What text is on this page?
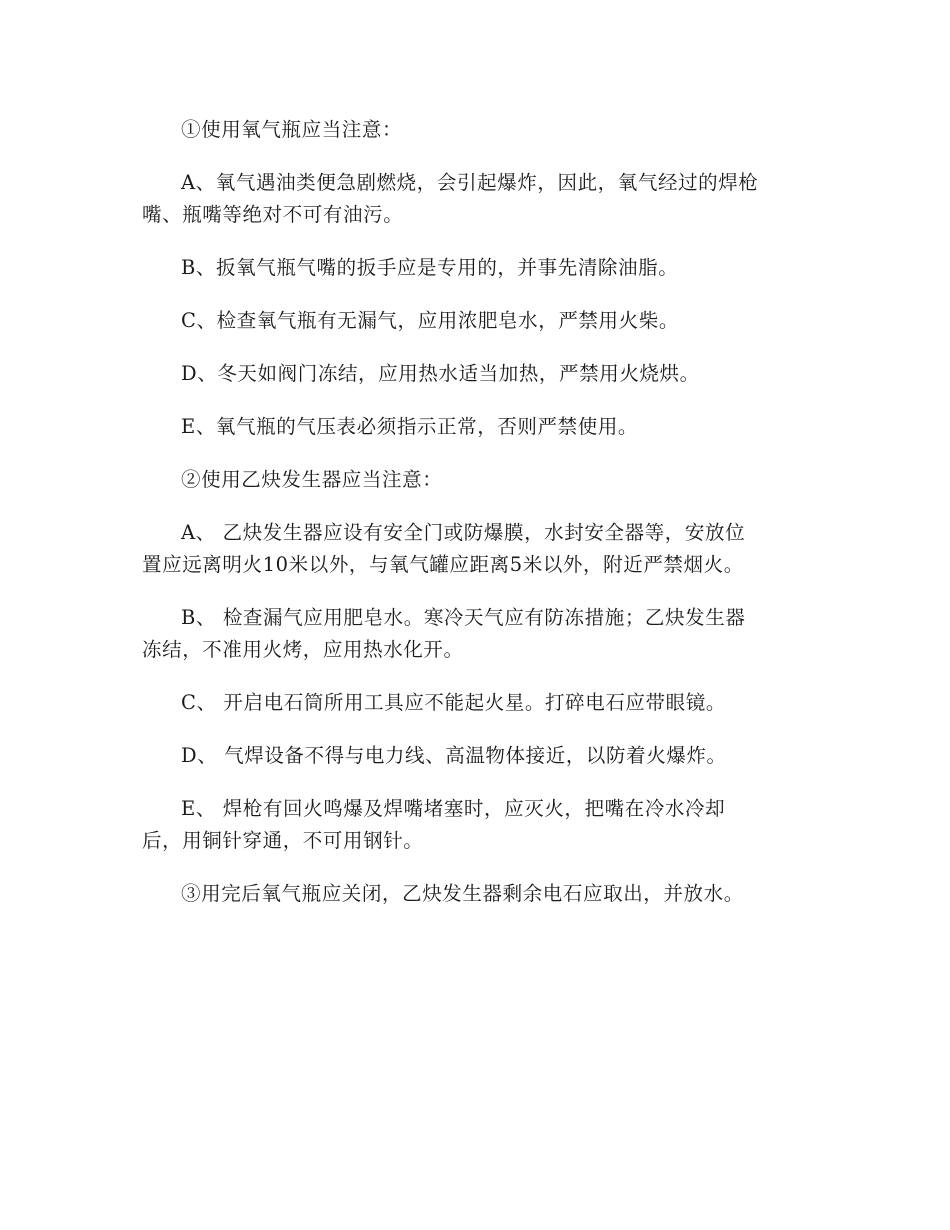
①使用氧气瓶应当注意：

A、氧气遇油类便急剧燃烧，会引起爆炸，因此，氧气经过的焊枪
嘴、瓶嘴等绝对不可有油污。

B、扳氧气瓶气嘴的扳手应是专用的，并事先清除油脂。

C、检查氧气瓶有无漏气，应用浓肥皂水，严禁用火柴。

D、冬天如阀门冻结，应用热水适当加热，严禁用火烧烘。

E、氧气瓶的气压表必须指示正常，否则严禁使用。

②使用乙炔发生器应当注意：

A、 乙炔发生器应设有安全门或防爆膜，水封安全器等，安放位
置应远离明火10米以外，与氧气罐应距离5米以外，附近严禁烟火。

B、 检查漏气应用肥皂水。寒冷天气应有防冻措施；乙炔发生器
冻结，不准用火烤，应用热水化开。

C、 开启电石筒所用工具应不能起火星。打碎电石应带眼镜。

D、 气焊设备不得与电力线、高温物体接近，以防着火爆炸。

E、 焊枪有回火鸣爆及焊嘴堵塞时，应灭火，把嘴在冷水冷却
后，用铜针穿通，不可用钢针。

③用完后氧气瓶应关闭，乙炔发生器剩余电石应取出，并放水。
